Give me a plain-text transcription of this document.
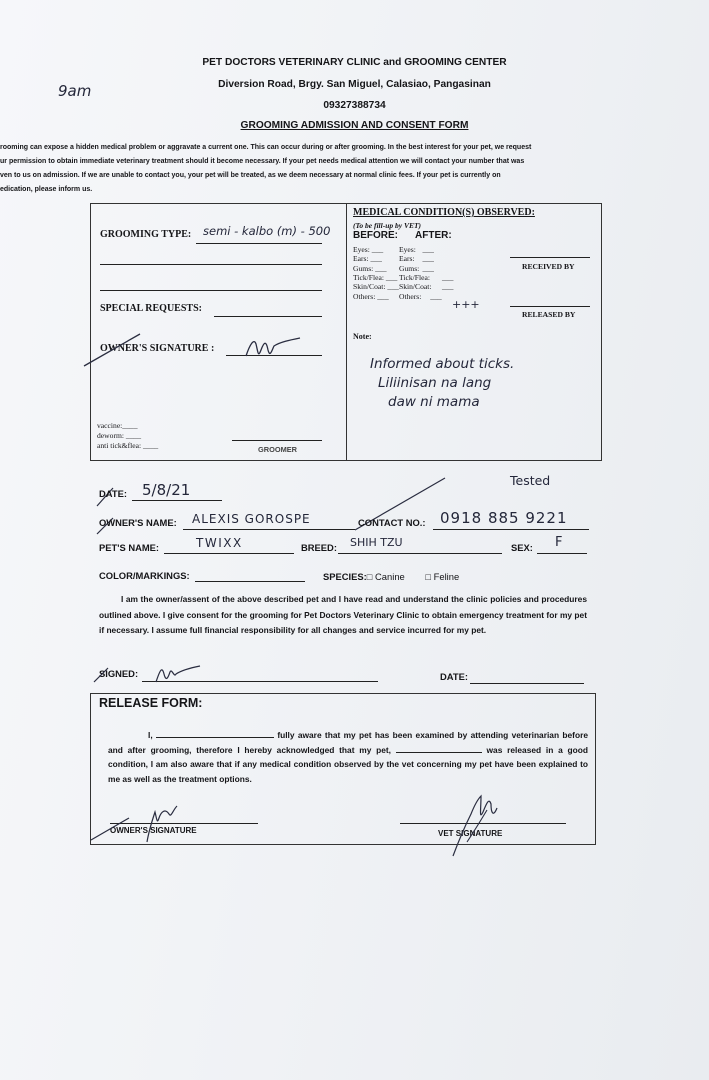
PET DOCTORS VETERINARY CLINIC and GROOMING CENTER
Diversion Road, Brgy. San Miguel, Calasiao, Pangasinan
09327388734
GROOMING ADMISSION AND CONSENT FORM
9am
rooming can expose a hidden medical problem or aggravate a current one. This can occur during or after grooming. In the best interest for your pet, we request
ur permission to obtain immediate veterinary treatment should it become necessary. If your pet needs medical attention we will contact your number that was
ven to us on admission. If we are unable to contact you, your pet will be treated, as we deem necessary at normal clinic fees. If your pet is currently on
edication, please inform us.
GROOMING TYPE: semi - kalbo (m) - 500
SPECIAL REQUESTS:
OWNER'S SIGNATURE :
vaccine:____
deworm: ____
anti tick&flea: ____	GROOMER
MEDICAL CONDITION(S) OBSERVED:
(To be fill-up by VET)
BEFORE: AFTER:
Eyes: ___ Eyes: ___
Ears: ___ Ears: ___
Gums: ___ Gums: ___
Tick/Flea: ___ Tick/Flea: ___
Skin/Coat: ___ Skin/Coat: ___
Others: ___ Others: ___
+++
RECEIVED BY
RELEASED BY
Note:
Informed about ticks.
Liliinisan na lang
daw ni mama
Tested
DATE: 5/8/21
OWNER'S NAME: ALEXIS GOROSPE	CONTACT NO.: 0918 885 9221
PET'S NAME:	TWIXX	BREED: SHIH TZU	SEX: F
COLOR/MARKINGS:	SPECIES:□ Canine □ Feline
I am the owner/assent of the above described pet and I have read and understand the clinic policies and procedures outlined above. I give consent for the grooming for Pet Doctors Veterinary Clinic to obtain emergency treatment for my pet if necessary. I assume full financial responsibility for all changes and service incurred for my pet.
SIGNED:	DATE:
RELEASE FORM:
I,	fully aware that my pet has been examined by attending veterinarian before and after grooming, therefore I hereby acknowledged that my pet,	was released in a good condition, I am also aware that if any medical condition observed by the vet concerning my pet have been explained to me as well as the treatment options.
OWNER'S SIGNATURE	VET SIGNATURE
